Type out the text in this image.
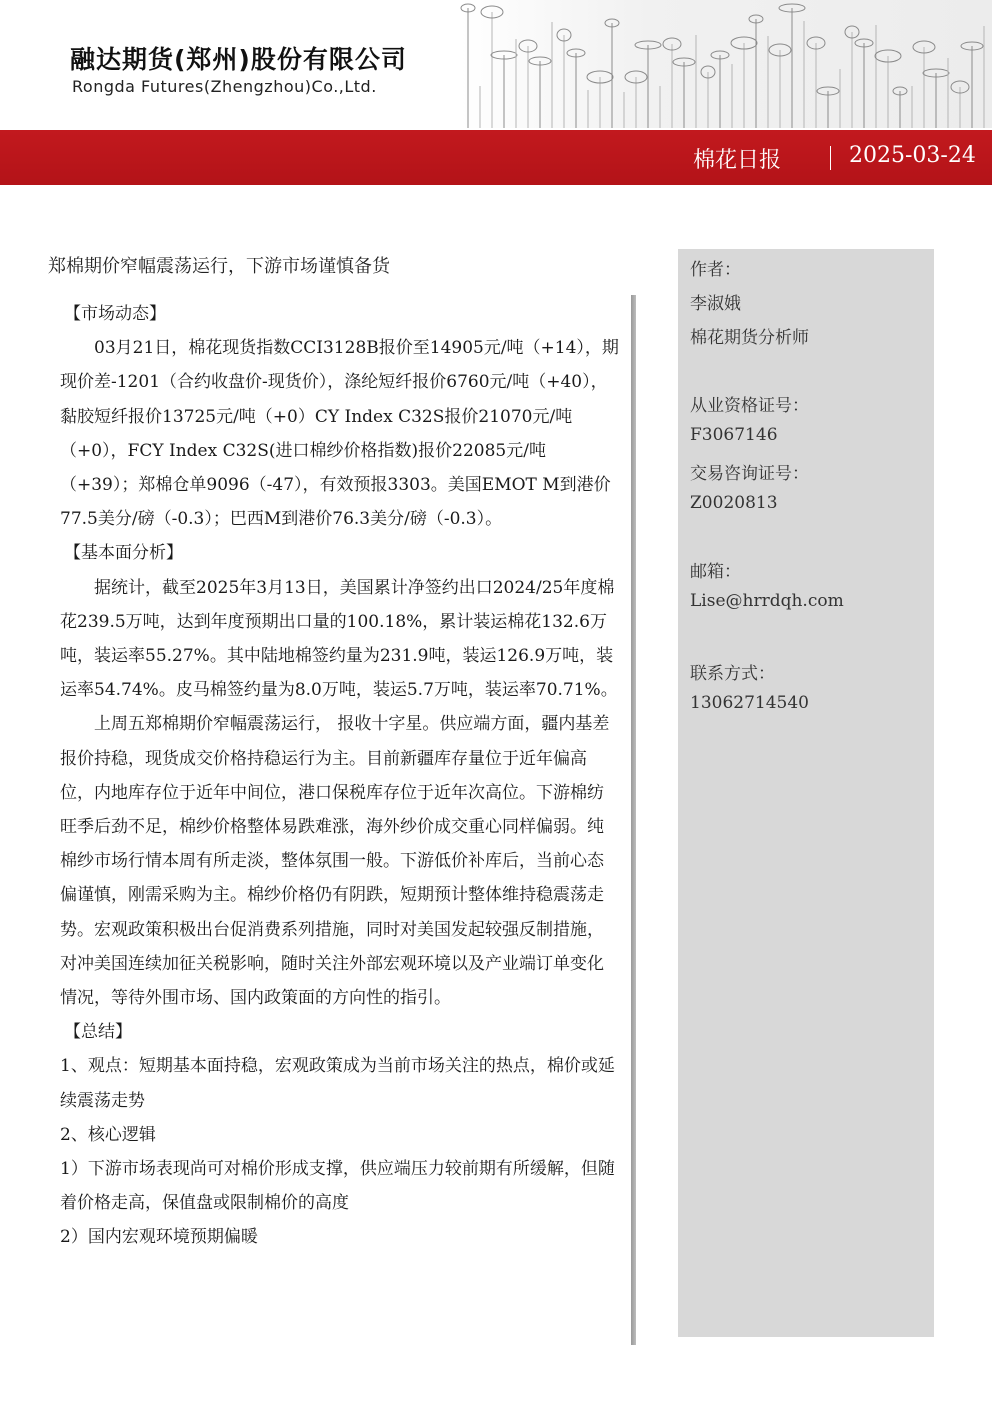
融达期货(郑州)股份有限公司
Rongda Futures(Zhengzhou)Co.,Ltd.
棉花日报	2025-03-24
郑棉期价窄幅震荡运行，下游市场谨慎备货

【市场动态】

03月21日，棉花现货指数CCI3128B报价至14905元/吨（+14），期现价差-1201（合约收盘价-现货价），涤纶短纤报价6760元/吨（+40），黏胶短纤报价13725元/吨（+0）CY Index C32S报价21070元/吨（+0），FCY Index C32S(进口棉纱价格指数)报价22085元/吨（+39）；郑棉仓单9096（-47），有效预报3303。美国EMOT M到港价77.5美分/磅（-0.3）；巴西M到港价76.3美分/磅（-0.3）。

【基本面分析】

据统计，截至2025年3月13日，美国累计净签约出口2024/25年度棉花239.5万吨，达到年度预期出口量的100.18%，累计装运棉花132.6万吨，装运率55.27%。其中陆地棉签约量为231.9吨，装运126.9万吨，装运率54.74%。皮马棉签约量为8.0万吨，装运5.7万吨，装运率70.71%。

上周五郑棉期价窄幅震荡运行， 报收十字星。供应端方面，疆内基差报价持稳，现货成交价格持稳运行为主。目前新疆库存量位于近年偏高位，内地库存位于近年中间位，港口保税库存位于近年次高位。下游棉纺旺季后劲不足，棉纱价格整体易跌难涨，海外纱价成交重心同样偏弱。纯棉纱市场行情本周有所走淡，整体氛围一般。下游低价补库后，当前心态偏谨慎，刚需采购为主。棉纱价格仍有阴跌，短期预计整体维持稳震荡走势。宏观政策积极出台促消费系列措施，同时对美国发起较强反制措施，对冲美国连续加征关税影响，随时关注外部宏观环境以及产业端订单变化情况，等待外围市场、国内政策面的方向性的指引。

【总结】

1、观点：短期基本面持稳，宏观政策成为当前市场关注的热点，棉价或延续震荡走势

2、核心逻辑

1）下游市场表现尚可对棉价形成支撑，供应端压力较前期有所缓解，但随着价格走高，保值盘或限制棉价的高度

2）国内宏观环境预期偏暖

作者：
李淑娥
棉花期货分析师
从业资格证号：
F3067146
交易咨询证号：
Z0020813
邮箱：
Lise@hrrdqh.com
联系方式：
13062714540
